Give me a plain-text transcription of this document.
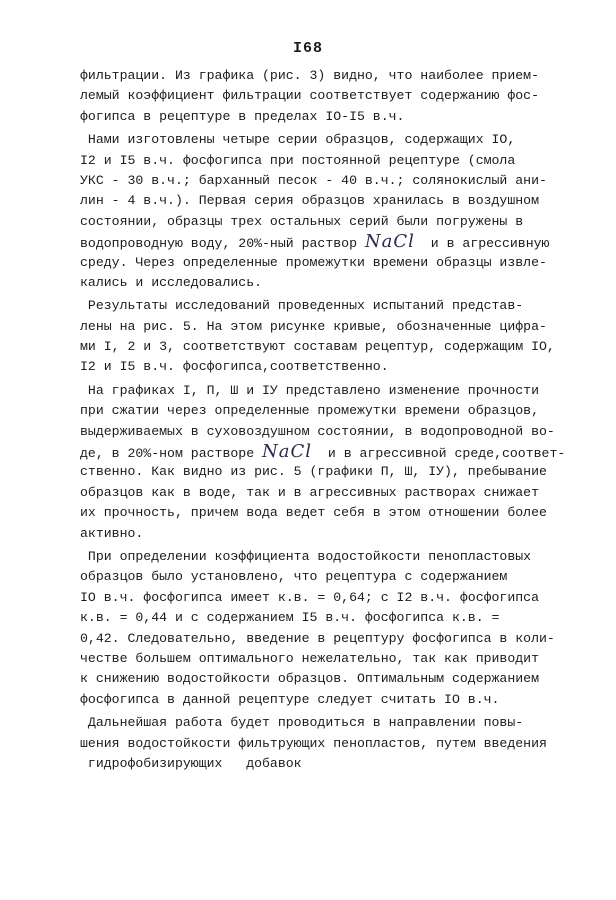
I68
фильтрации. Из графика (рис. 3) видно, что наиболее прием-
лемый коэффициент фильтрации соответствует содержанию фос-
фогипса в рецептуре в пределах IO-I5 в.ч.
Нами изготовлены четыре серии образцов, содержащих IO,
I2 и I5 в.ч. фосфогипса при постоянной рецептуре (смола
УКС - 30 в.ч.; барханный песок - 40 в.ч.; солянокислый ани-
лин - 4 в.ч.). Первая серия образцов хранилась в воздушном
состоянии, образцы трех остальных серий были погружены в
водопроводную воду, 20%-ный раствор NaCl  и в агрессивную
среду. Через определенные промежутки времени образцы извле-
кались и исследовались.
Результаты исследований проведенных испытаний представ-
лены на рис. 5. На этом рисунке кривые, обозначенные цифра-
ми I, 2 и 3, соответствуют составам рецептур, содержащим IO,
I2 и I5 в.ч. фосфогипса,соответственно.
На графиках I, П, Ш и IУ представлено изменение прочности
при сжатии через определенные промежутки времени образцов,
выдерживаемых в суховоздушном состоянии, в водопроводной во-
де, в 20%-ном растворе NaCl  и в агрессивной среде,соответ-
ственно. Как видно из рис. 5 (графики П, Ш, IУ), пребывание
образцов как в воде, так и в агрессивных растворах снижает
их прочность, причем вода ведет себя в этом отношении более
активно.
При определении коэффициента водостойкости пенопластовых
образцов было установлено, что рецептура с содержанием
IO в.ч. фосфогипса имеет к.в. = 0,64; с I2 в.ч. фосфогипса
к.в. = 0,44 и с содержанием I5 в.ч. фосфогипса к.в. =
0,42. Следовательно, введение в рецептуру фосфогипса в коли-
честве большем оптимального нежелательно, так как приводит
к снижению водостойкости образцов. Оптимальным содержанием
фосфогипса в данной рецептуре следует считать IO в.ч.
Дальнейшая работа будет проводиться в направлении повы-
шения водостойкости фильтрующих пенопластов, путем введения
гидрофобизирующих   добавок
